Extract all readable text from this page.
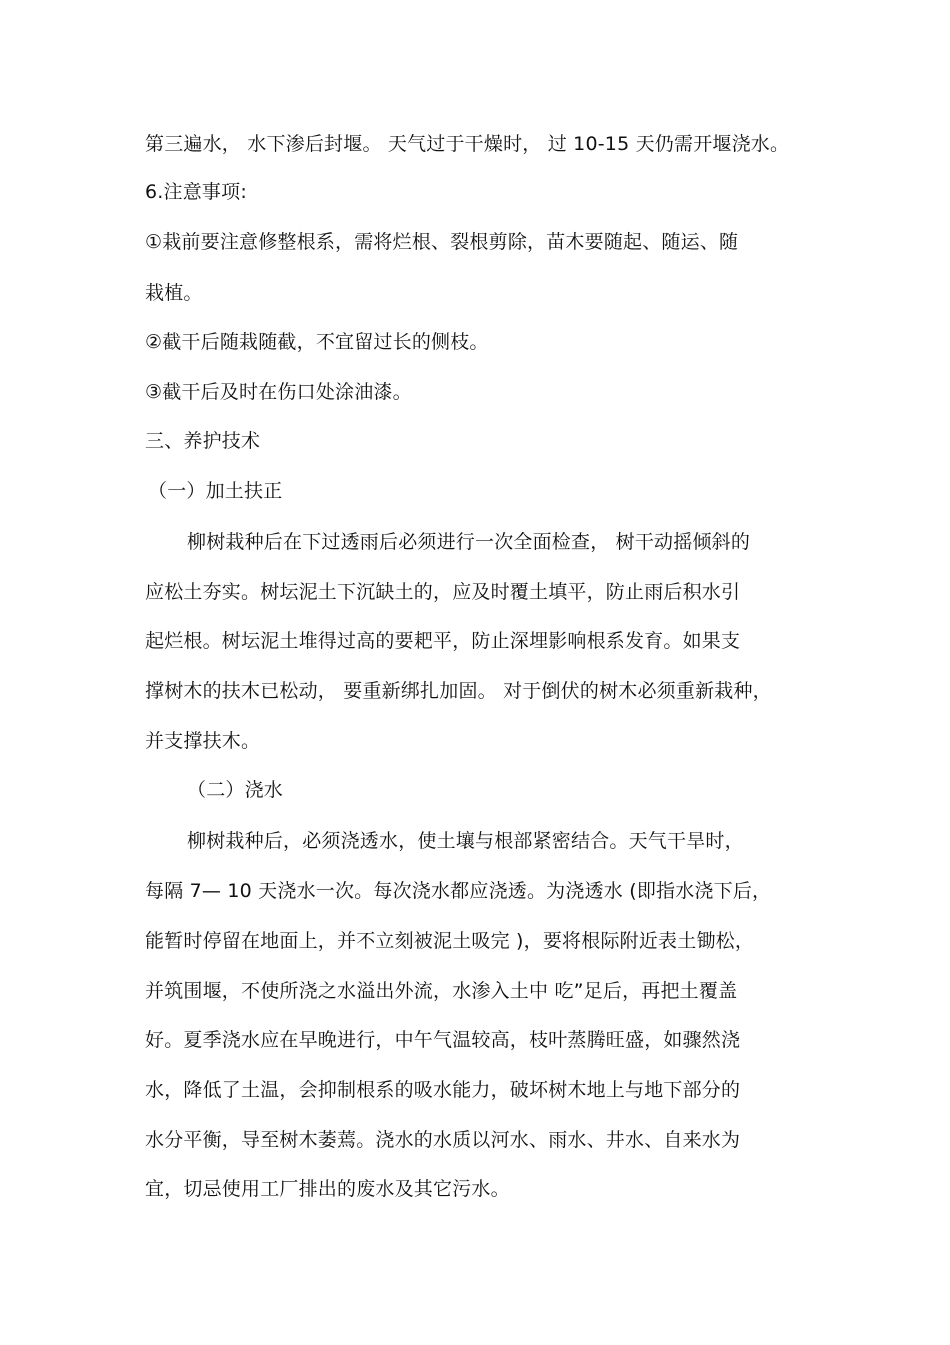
第三遍水， 水下渗后封堰。 天气过于干燥时， 过 10-15 天仍需开堰浇水。
6.注意事项:
①栽前要注意修整根系，需将烂根、裂根剪除，苗木要随起、随运、随
栽植。
②截干后随栽随截，不宜留过长的侧枝。
③截干后及时在伤口处涂油漆。
三、养护技术
（一）加土扶正
柳树栽种后在下过透雨后必须进行一次全面检查， 树干动摇倾斜的
应松土夯实。树坛泥土下沉缺土的，应及时覆土填平，防止雨后积水引
起烂根。树坛泥土堆得过高的要耙平，防止深埋影响根系发育。如果支
撑树木的扶木已松动， 要重新绑扎加固。 对于倒伏的树木必须重新栽种，
并支撑扶木。
（二）浇水
柳树栽种后，必须浇透水，使土壤与根部紧密结合。天气干旱时，
每隔 7— 10 天浇水一次。每次浇水都应浇透。为浇透水 (即指水浇下后，
能暂时停留在地面上，并不立刻被泥土吸完 )，要将根际附近表土锄松，
并筑围堰，不使所浇之水溢出外流，水渗入土中 吃”足后，再把土覆盖
好。夏季浇水应在早晚进行，中午气温较高，枝叶蒸腾旺盛，如骤然浇
水，降低了土温，会抑制根系的吸水能力，破坏树木地上与地下部分的
水分平衡，导至树木萎蔫。浇水的水质以河水、雨水、井水、自来水为
宜，切忌使用工厂排出的废水及其它污水。
